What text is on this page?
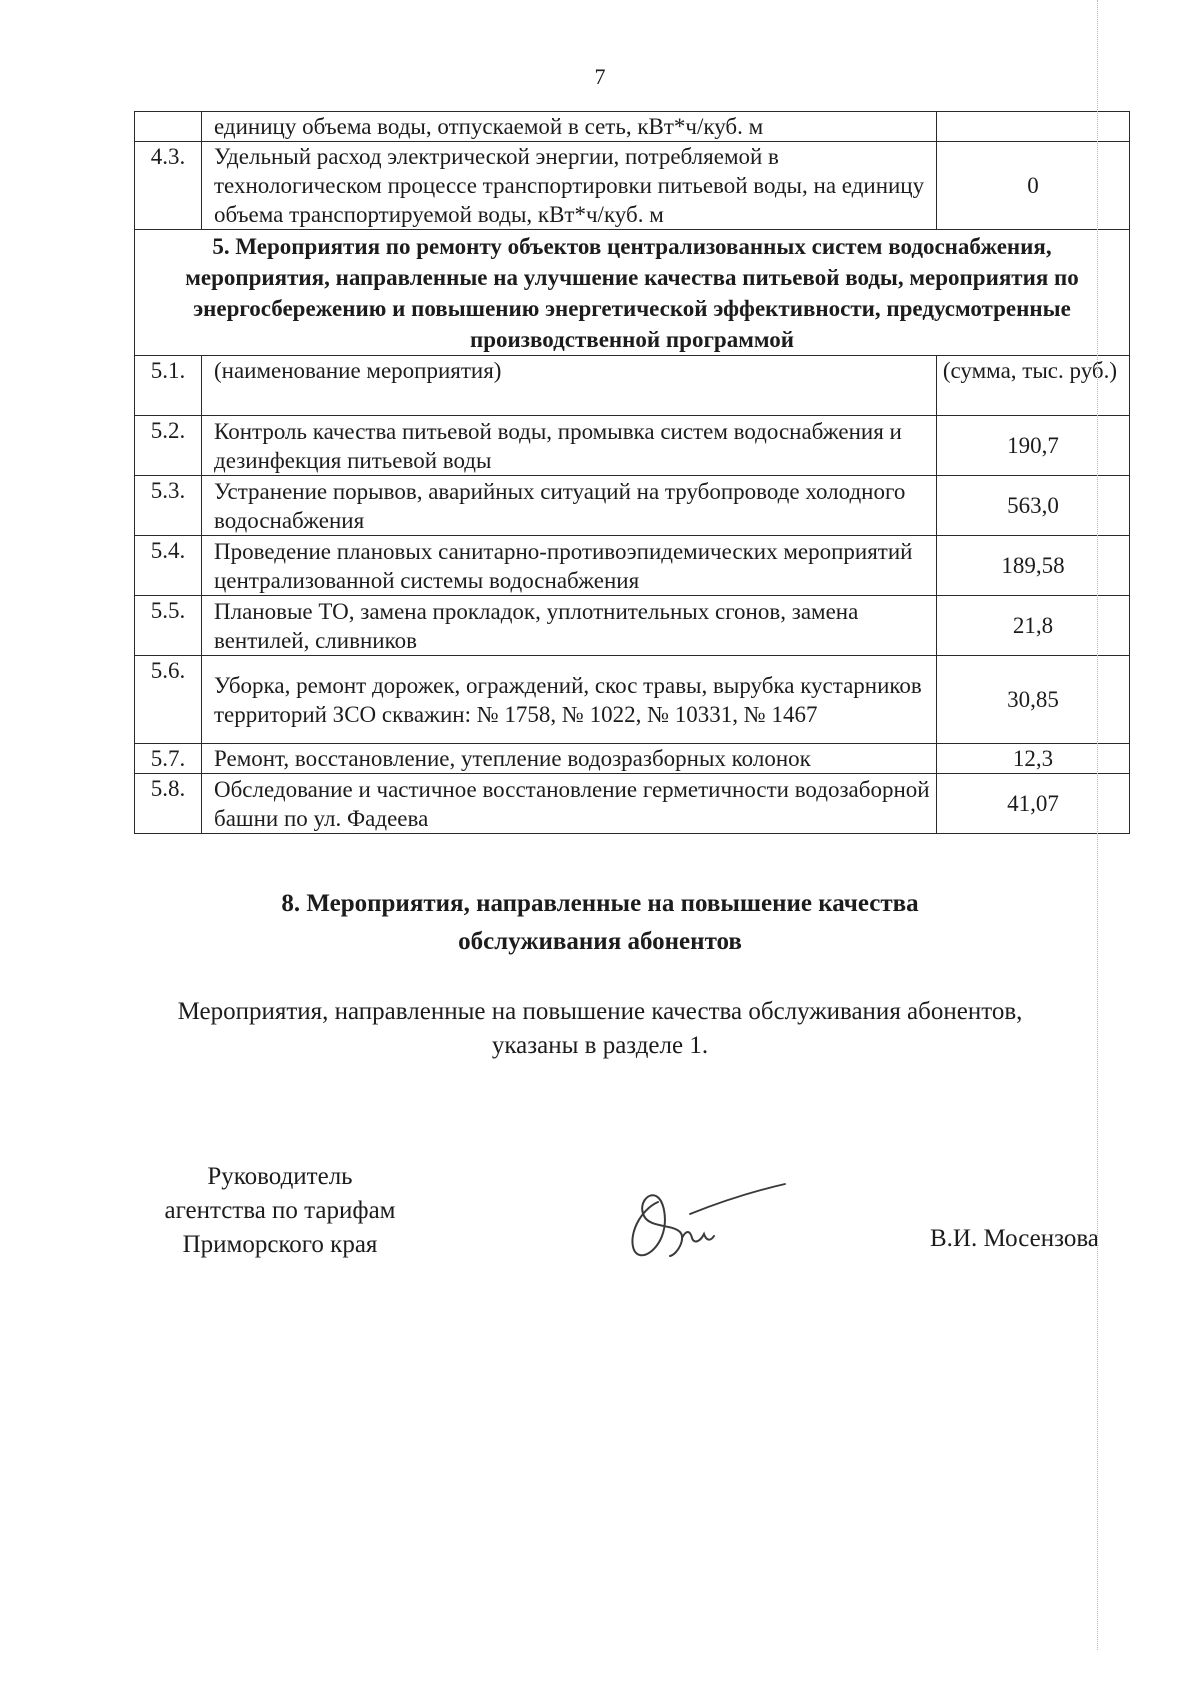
7
	единицу объема воды, отпускаемой в сеть, кВт*ч/куб. м	
4.3.	Удельный расход электрической энергии, потребляемой в технологическом процессе транспортировки питьевой воды, на единицу объема транспортируемой воды, кВт*ч/куб. м	0
5. Мероприятия по ремонту объектов централизованных систем водоснабжения, мероприятия, направленные на улучшение качества питьевой воды, мероприятия по энергосбережению и повышению энергетической эффективности, предусмотренные производственной программой		
5.1.	(наименование мероприятия)	(сумма, тыс. руб.)
5.2.	Контроль качества питьевой воды, промывка систем водоснабжения и дезинфекция питьевой воды	190,7
5.3.	Устранение порывов, аварийных ситуаций на трубопроводе холодного водоснабжения	563,0
5.4.	Проведение плановых санитарно-противоэпидемических мероприятий централизованной системы водоснабжения	189,58
5.5.	Плановые ТО, замена прокладок, уплотнительных сгонов, замена вентилей, сливников	21,8
5.6.	Уборка, ремонт дорожек, ограждений, скос травы, вырубка кустарников территорий ЗСО скважин: № 1758, № 1022, № 10331, № 1467	30,85
5.7.	Ремонт, восстановление, утепление водозразборных колонок	12,3
5.8.	Обследование и частичное восстановление герметичности водозаборной башни по ул. Фадеева	41,07
8. Мероприятия, направленные на повышение качества
обслуживания абонентов
Мероприятия, направленные на повышение качества обслуживания абонентов,
указаны в разделе 1.
Руководитель
агентства по тарифам
Приморского края	В.И. Мосензова
